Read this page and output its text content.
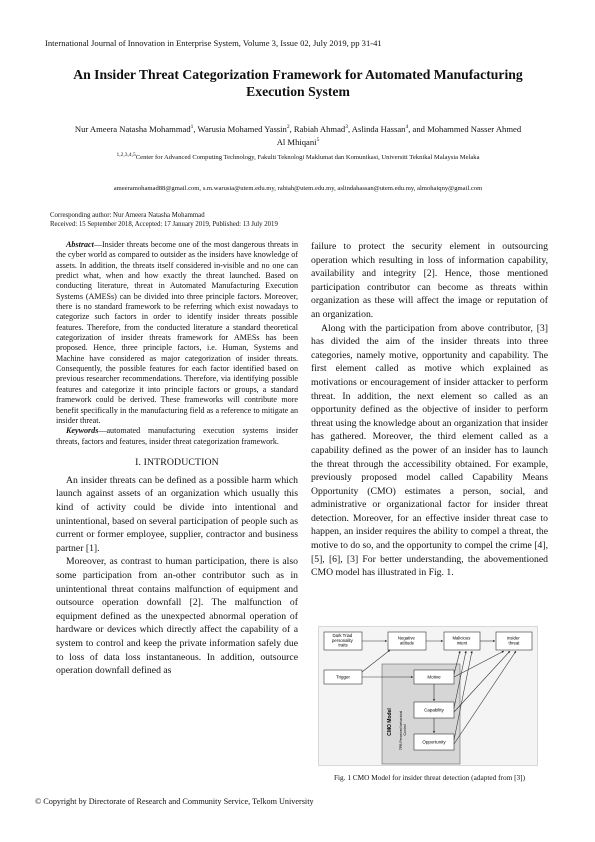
International Journal of Innovation in Enterprise System, Volume 3, Issue 02, July 2019, pp 31-41
An Insider Threat Categorization Framework for Automated Manufacturing Execution System
Nur Ameera Natasha Mohammad$^1$, Warusia Mohamed Yassin$^2$, Rabiah Ahmad$^3$, Aslinda Hassan$^4$, and Mohammed Nasser Ahmed Al Mhiqani$^5$
$^{1,2,3,4,5}$Center for Advanced Computing Technology, Fakulti Teknologi Maklumat dan Komunikasi, Universiti Teknikal Malaysia Melaka
ameeramohamad88@gmail.com, s.m.warusia@utem.edu.my, rabiah@utem.edu.my, aslindahassan@utem.edu.my, almohaiqny@gmail.com
Corresponding author: Nur Ameera Natasha Mohammad
Received: 15 September 2018, Accepted: 17 January 2019, Published: 13 July 2019

Abstract—Insider threats become one of the most dangerous threats in the cyber world as compared to outsider as the insiders have knowledge of assets. In addition, the threats itself considered in-visible and no one can predict what, when and how exactly the threat launched. Based on conducting literature, threat in Automated Manufacturing Execution Systems (AMESs) can be divided into three principle factors. Moreover, there is no standard framework to be referring which exist nowadays to categorize such factors in order to identify insider threats possible features. Therefore, from the conducted literature a standard theoretical categorization of insider threats framework for AMESs has been proposed. Hence, three principle factors, i.e. Human, Systems and Machine have considered as major categorization of insider threats. Consequently, the possible features for each factor identified based on previous researcher recommendations. Therefore, via identifying possible features and categorize it into principle factors or groups, a standard framework could be derived. These frameworks will contribute more benefit specifically in the manufacturing field as a reference to mitigate an insider threat.

Keywords—automated manufacturing execution systems insider threats, factors and features, insider threat categorization framework.

I. INTRODUCTION

An insider threats can be defined as a possible harm which launch against assets of an organization which usually this kind of activity could be divide into intentional and unintentional, based on several participation of people such as current or former employee, supplier, contractor and business partner [1].

Moreover, as contrast to human participation, there is also some participation from an-other contributor such as in unintentional threat contains malfunction of equipment and outsource operation downfall [2]. The malfunction of equipment defined as the unexpected abnormal operation of hardware or devices which directly affect the capability of a system to control and keep the private information safely due to loss of data loss instantaneous. In addition, outsource operation downfall defined as

failure to protect the security element in outsourcing operation which resulting in loss of information capability, availability and integrity [2]. Hence, those mentioned participation contributor can become as threats within organization as these will affect the image or reputation of an organization.

Along with the participation from above contributor, [3] has divided the aim of the insider threats into three categories, namely motive, opportunity and capability. The first element called as motive which explained as motivations or encouragement of insider attacker to perform threat. In addition, the next element so called as an opportunity defined as the objective of insider to perform threat using the knowledge about an organization that insider has gathered. Moreover, the third element called as a capability defined as the power of an insider has to launch the threat through the accessibility obtained. For example, previously proposed model called Capability Means Opportunity (CMO) estimates a person, social, and administrative or organizational factor for insider threat detection. Moreover, for an effective insider threat case to happen, an insider requires the ability to compel a threat, the motive to do so, and the opportunity to compel the crime [4], [5], [6], [3] For better understanding, the abovementioned CMO model has illustrated in Fig. 1.

Dark Triad personality traits
Negative attitude
Malicious intent
insider threat
Trigger	Motive
Capability
Opportunity
CMO Model TPB Perceived behavioral Control
Fig. 1 CMO Model for insider threat detection (adapted from [3])
© Copyright by Directorate of Research and Community Service, Telkom University
